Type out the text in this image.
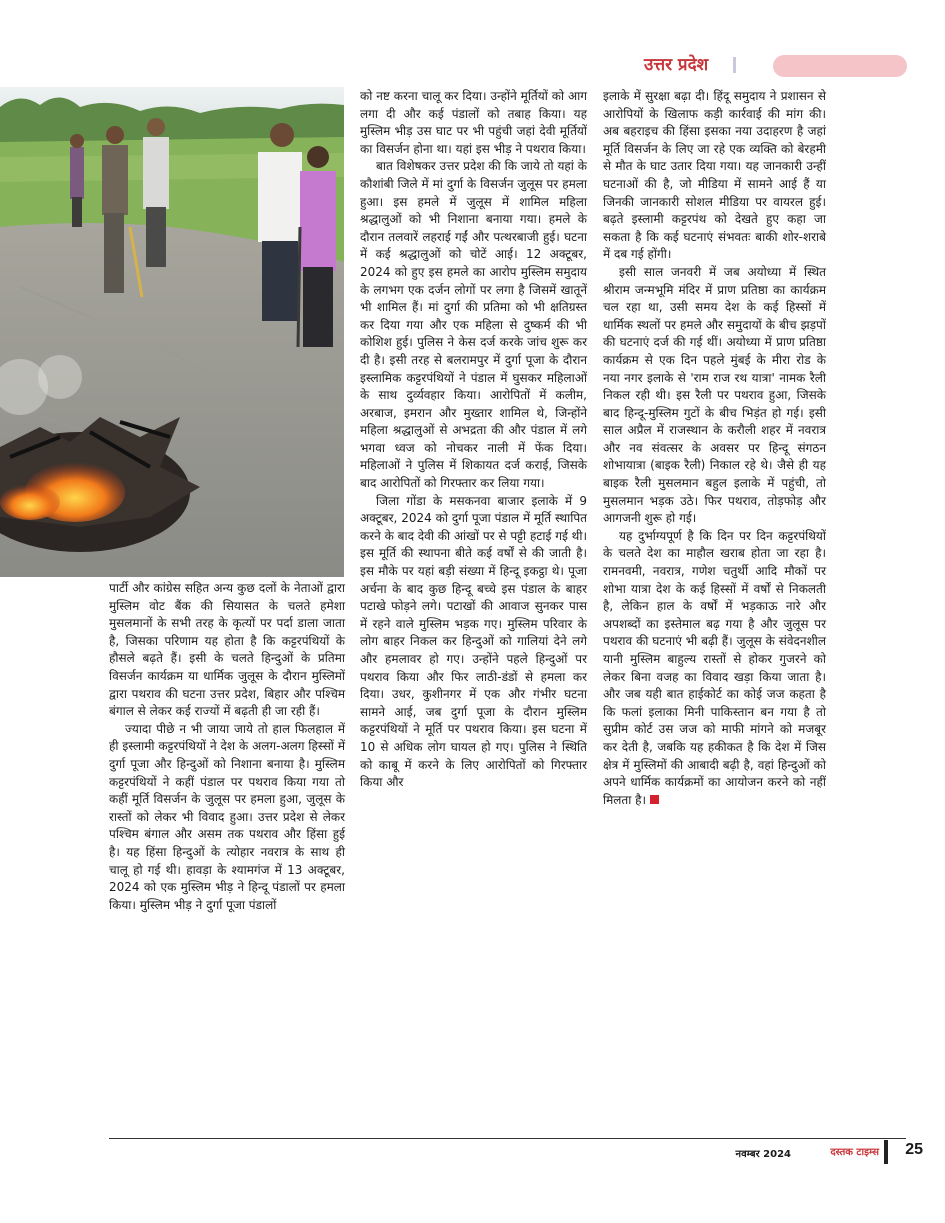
उत्तर प्रदेश

पार्टी और कांग्रेस सहित अन्य कुछ दलों के नेताओं द्वारा मुस्लिम वोट बैंक की सियासत के चलते हमेशा मुसलमानों के सभी तरह के कृत्यों पर पर्दा डाला जाता है, जिसका परिणाम यह होता है कि कट्टरपंथियों के हौसले बढ़ते हैं। इसी के चलते हिन्दुओं के प्रतिमा विसर्जन कार्यक्रम या धार्मिक जुलूस के दौरान मुस्लिमों द्वारा पथराव की घटना उत्तर प्रदेश, बिहार और पश्चिम बंगाल से लेकर कई राज्यों में बढ़ती ही जा रही हैं।

ज्यादा पीछे न भी जाया जाये तो हाल फिलहाल में ही इस्लामी कट्टरपंथियों ने देश के अलग-अलग हिस्सों में दुर्गा पूजा और हिन्दुओं को निशाना बनाया है। मुस्लिम कट्टरपंथियों ने कहीं पंडाल पर पथराव किया गया तो कहीं मूर्ति विसर्जन के जुलूस पर हमला हुआ, जुलूस के रास्तों को लेकर भी विवाद हुआ। उत्तर प्रदेश से लेकर पश्चिम बंगाल और असम तक पथराव और हिंसा हुई है। यह हिंसा हिन्दुओं के त्योहार नवरात्र के साथ ही चालू हो गई थी। हावड़ा के श्यामगंज में 13 अक्टूबर, 2024 को एक मुस्लिम भीड़ ने हिन्दू पंडालों पर हमला किया। मुस्लिम भीड़ ने दुर्गा पूजा पंडालों

को नष्ट करना चालू कर दिया। उन्होंने मूर्तियों को आग लगा दी और कई पंडालों को तबाह किया। यह मुस्लिम भीड़ उस घाट पर भी पहुंची जहां देवी मूर्तियों का विसर्जन होना था। यहां इस भीड़ ने पथराव किया।

बात विशेषकर उत्तर प्रदेश की कि जाये तो यहां के कौशांबी जिले में मां दुर्गा के विसर्जन जुलूस पर हमला हुआ। इस हमले में जुलूस में शामिल महिला श्रद्धालुओं को भी निशाना बनाया गया। हमले के दौरान तलवारें लहराई गईं और पत्थरबाजी हुई। घटना में कई श्रद्धालुओं को चोटें आई। 12 अक्टूबर, 2024 को हुए इस हमले का आरोप मुस्लिम समुदाय के लगभग एक दर्जन लोगों पर लगा है जिसमें खातूनें भी शामिल हैं। मां दुर्गा की प्रतिमा को भी क्षतिग्रस्त कर दिया गया और एक महिला से दुष्कर्म की भी कोशिश हुई। पुलिस ने केस दर्ज करके जांच शुरू कर दी है। इसी तरह से बलरामपुर में दुर्गा पूजा के दौरान इस्लामिक कट्टरपंथियों ने पंडाल में घुसकर महिलाओं के साथ दुर्व्यवहार किया। आरोपितों में कलीम, अरबाज, इमरान और मुख्तार शामिल थे, जिन्होंने महिला श्रद्धालुओं से अभद्रता की और पंडाल में लगे भगवा ध्वज को नोचकर नाली में फेंक दिया। महिलाओं ने पुलिस में शिकायत दर्ज कराई, जिसके बाद आरोपितों को गिरफ्तार कर लिया गया।

जिला गोंडा के मसकनवा बाजार इलाके में 9 अक्टूबर, 2024 को दुर्गा पूजा पंडाल में मूर्ति स्थापित करने के बाद देवी की आंखों पर से पट्टी हटाई गई थी। इस मूर्ति की स्थापना बीते कई वर्षों से की जाती है। इस मौके पर यहां बड़ी संख्या में हिन्दू इकट्ठा थे। पूजा अर्चना के बाद कुछ हिन्दू बच्चे इस पंडाल के बाहर पटाखे फोड़ने लगे। पटाखों की आवाज सुनकर पास में रहने वाले मुस्लिम भड़क गए। मुस्लिम परिवार के लोग बाहर निकल कर हिन्दुओं को गालियां देने लगे और हमलावर हो गए। उन्होंने पहले हिन्दुओं पर पथराव किया और फिर लाठी-डंडों से हमला कर दिया। उधर, कुशीनगर में एक और गंभीर घटना सामने आई, जब दुर्गा पूजा के दौरान मुस्लिम कट्टरपंथियों ने मूर्ति पर पथराव किया। इस घटना में 10 से अधिक लोग घायल हो गए। पुलिस ने स्थिति को काबू में करने के लिए आरोपितों को गिरफ्तार किया और

इलाके में सुरक्षा बढ़ा दी। हिंदू समुदाय ने प्रशासन से आरोपियों के खिलाफ कड़ी कार्रवाई की मांग की। अब बहराइच की हिंसा इसका नया उदाहरण है जहां मूर्ति विसर्जन के लिए जा रहे एक व्यक्ति को बेरहमी से मौत के घाट उतार दिया गया। यह जानकारी उन्हीं घटनाओं की है, जो मीडिया में सामने आई हैं या जिनकी जानकारी सोशल मीडिया पर वायरल हुई। बढ़ते इस्लामी कट्टरपंथ को देखते हुए कहा जा सकता है कि कई घटनाएं संभवतः बाकी शोर-शराबे में दब गई होंगी।

इसी साल जनवरी में जब अयोध्या में स्थित श्रीराम जन्मभूमि मंदिर में प्राण प्रतिष्ठा का कार्यक्रम चल रहा था, उसी समय देश के कई हिस्सों में धार्मिक स्थलों पर हमले और समुदायों के बीच झड़पों की घटनाएं दर्ज की गई थीं। अयोध्या में प्राण प्रतिष्ठा कार्यक्रम से एक दिन पहले मुंबई के मीरा रोड के नया नगर इलाके से 'राम राज रथ यात्रा' नामक रैली निकल रही थी। इस रैली पर पथराव हुआ, जिसके बाद हिन्दू-मुस्लिम गुटों के बीच भिड़ंत हो गई। इसी साल अप्रैल में राजस्थान के करौली शहर में नवरात्र और नव संवत्सर के अवसर पर हिन्दू संगठन शोभायात्रा (बाइक रैली) निकाल रहे थे। जैसे ही यह बाइक रैली मुसलमान बहुल इलाके में पहुंची, तो मुसलमान भड़क उठे। फिर पथराव, तोड़फोड़ और आगजनी शुरू हो गई।

यह दुर्भाग्यपूर्ण है कि दिन पर दिन कट्टरपंथियों के चलते देश का माहौल खराब होता जा रहा है। रामनवमी, नवरात्र, गणेश चतुर्थी आदि मौकों पर शोभा यात्रा देश के कई हिस्सों में वर्षों से निकलती है, लेकिन हाल के वर्षों में भड़काऊ नारे और अपशब्दों का इस्तेमाल बढ़ गया है और जुलूस पर पथराव की घटनाएं भी बढ़ी हैं। जुलूस के संवेदनशील यानी मुस्लिम बाहुल्य रास्तों से होकर गुजरने को लेकर बिना वजह का विवाद खड़ा किया जाता है। और जब यही बात हाईकोर्ट का कोई जज कहता है कि फलां इलाका मिनी पाकिस्तान बन गया है तो सुप्रीम कोर्ट उस जज को माफी मांगने को मजबूर कर देती है, जबकि यह हकीकत है कि देश में जिस क्षेत्र में मुस्लिमों की आबादी बढ़ी है, वहां हिन्दुओं को अपने धार्मिक कार्यक्रमों का आयोजन करने को नहीं मिलता है।

नवम्बर 2024	दस्तक टाइम्स 25
